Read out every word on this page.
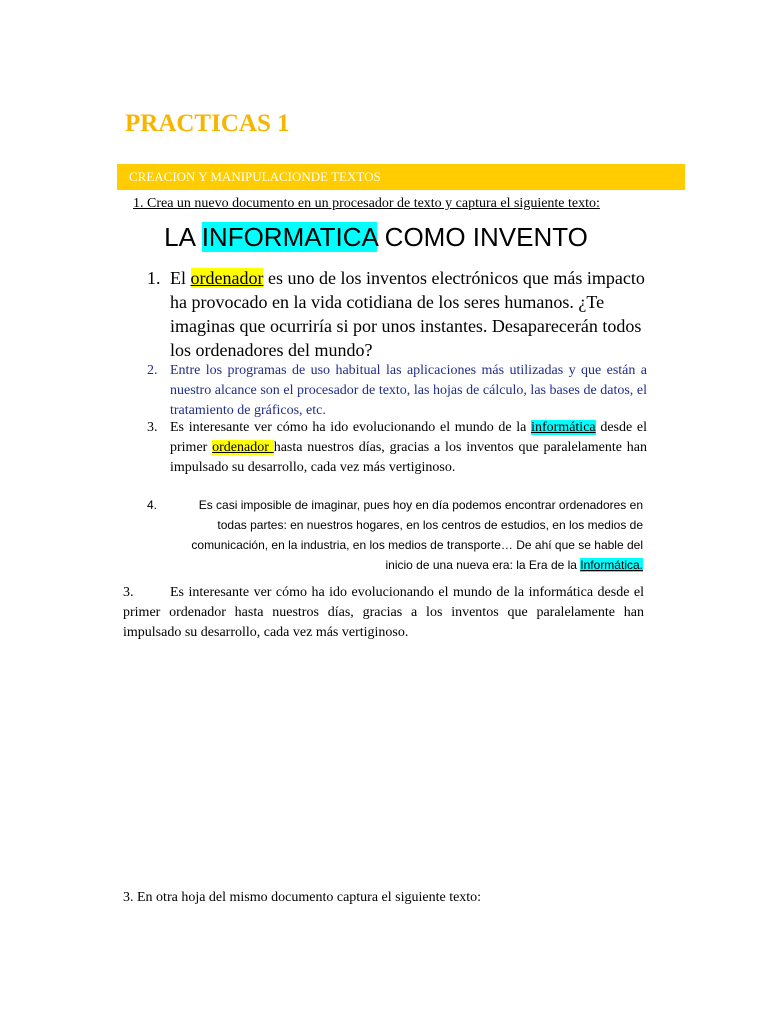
PRACTICAS 1
CREACION Y MANIPULACIONDE TEXTOS
1. Crea un nuevo documento en un procesador de texto y captura el siguiente texto:
LA INFORMATICA COMO INVENTO
1. El ordenador es uno de los inventos electrónicos que más impacto ha provocado en la vida cotidiana de los seres humanos. ¿Te imaginas que ocurriría si por unos instantes. Desaparecerán todos los ordenadores del mundo?
2. Entre los programas de uso habitual las aplicaciones más utilizadas y que están a nuestro alcance son el procesador de texto, las hojas de cálculo, las bases de datos, el tratamiento de gráficos, etc.
3. Es interesante ver cómo ha ido evolucionando el mundo de la informática desde el primer ordenador hasta nuestros días, gracias a los inventos que paralelamente han impulsado su desarrollo, cada vez más vertiginoso.
4.	Es casi imposible de imaginar, pues hoy en día podemos encontrar ordenadores en todas partes: en nuestros hogares, en los centros de estudios, en los medios de comunicación, en la industria, en los medios de transporte… De ahí que se hable del inicio de una nueva era: la Era de la Informática.
3.	Es interesante ver cómo ha ido evolucionando el mundo de la informática desde el primer ordenador hasta nuestros días, gracias a los inventos que paralelamente han impulsado su desarrollo, cada vez más vertiginoso.
3. En otra hoja del mismo documento captura el siguiente texto:
